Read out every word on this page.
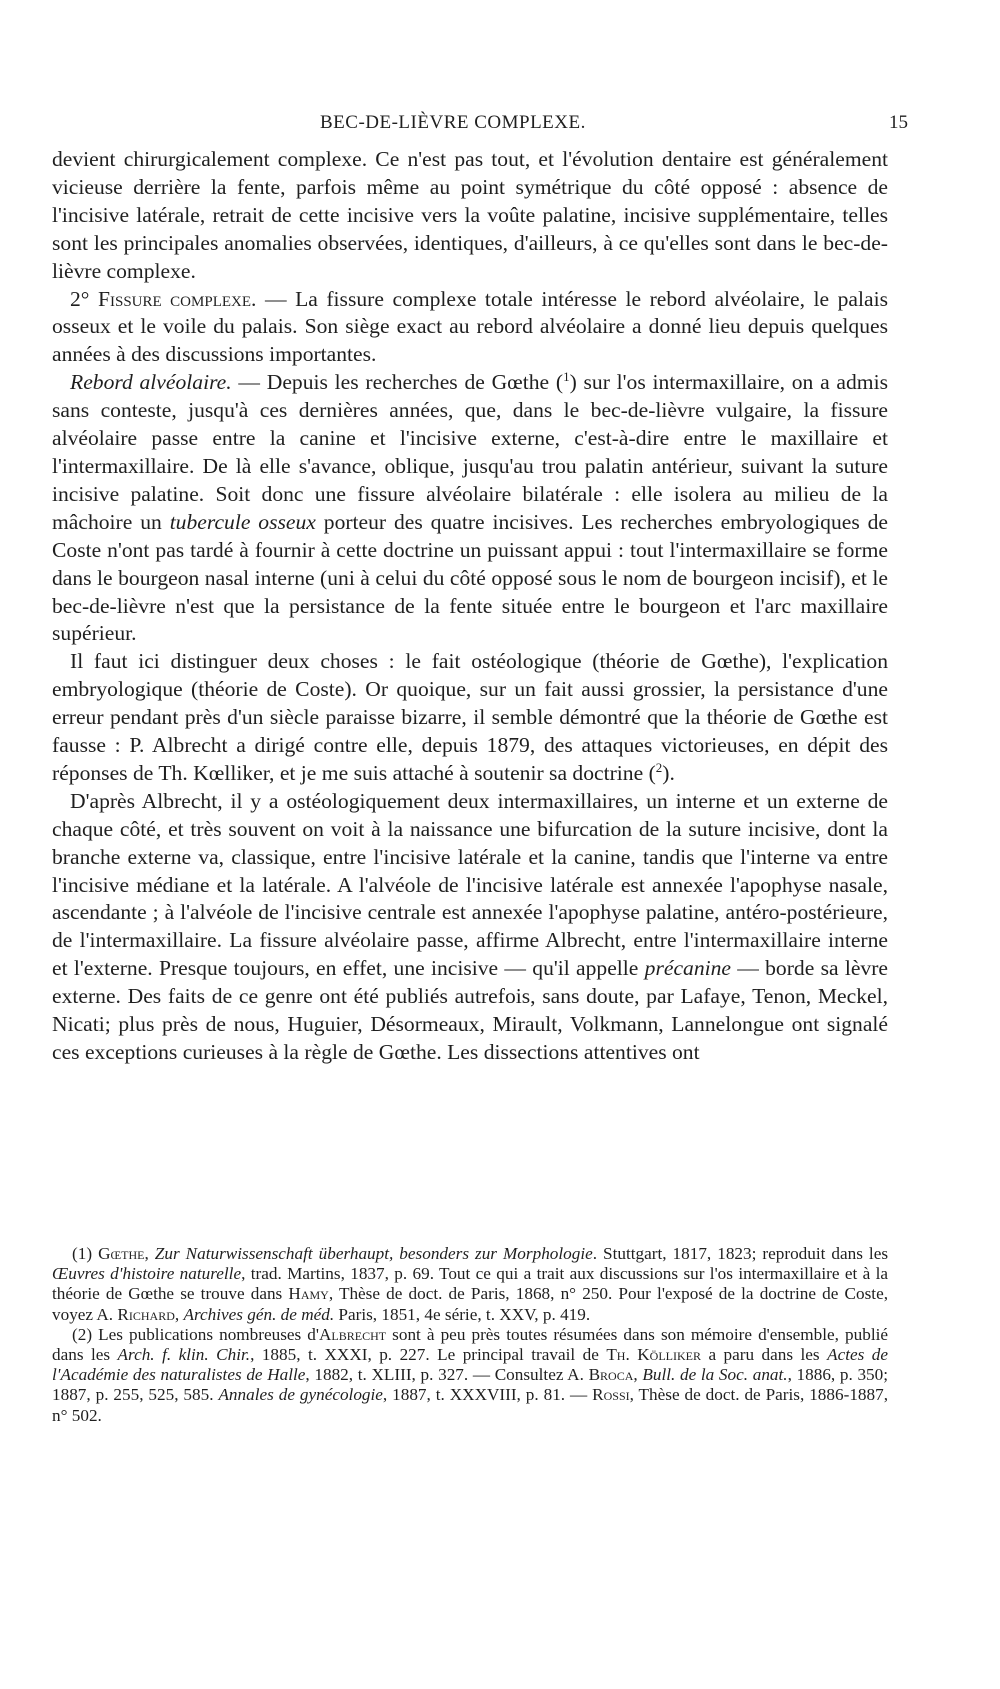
BEC-DE-LIÈVRE COMPLEXE.	15

devient chirurgicalement complexe. Ce n'est pas tout, et l'évolution dentaire est généralement vicieuse derrière la fente, parfois même au point symétrique du côté opposé : absence de l'incisive latérale, retrait de cette incisive vers la voûte palatine, incisive supplémentaire, telles sont les principales anomalies observées, identiques, d'ailleurs, à ce qu'elles sont dans le bec-de-lièvre complexe.

2° Fissure complexe. — La fissure complexe totale intéresse le rebord alvéolaire, le palais osseux et le voile du palais. Son siège exact au rebord alvéolaire a donné lieu depuis quelques années à des discussions importantes.

Rebord alvéolaire. — Depuis les recherches de Gœthe ($^1$) sur l'os intermaxillaire, on a admis sans conteste, jusqu'à ces dernières années, que, dans le bec-de-lièvre vulgaire, la fissure alvéolaire passe entre la canine et l'incisive externe, c'est-à-dire entre le maxillaire et l'intermaxillaire. De là elle s'avance, oblique, jusqu'au trou palatin antérieur, suivant la suture incisive palatine. Soit donc une fissure alvéolaire bilatérale : elle isolera au milieu de la mâchoire un tubercule osseux porteur des quatre incisives. Les recherches embryologiques de Coste n'ont pas tardé à fournir à cette doctrine un puissant appui : tout l'intermaxillaire se forme dans le bourgeon nasal interne (uni à celui du côté opposé sous le nom de bourgeon incisif), et le bec-de-lièvre n'est que la persistance de la fente située entre le bourgeon et l'arc maxillaire supérieur.

Il faut ici distinguer deux choses : le fait ostéologique (théorie de Gœthe), l'explication embryologique (théorie de Coste). Or quoique, sur un fait aussi grossier, la persistance d'une erreur pendant près d'un siècle paraisse bizarre, il semble démontré que la théorie de Gœthe est fausse : P. Albrecht a dirigé contre elle, depuis 1879, des attaques victorieuses, en dépit des réponses de Th. Kœlliker, et je me suis attaché à soutenir sa doctrine ($^2$).

D'après Albrecht, il y a ostéologiquement deux intermaxillaires, un interne et un externe de chaque côté, et très souvent on voit à la naissance une bifurcation de la suture incisive, dont la branche externe va, classique, entre l'incisive latérale et la canine, tandis que l'interne va entre l'incisive médiane et la latérale. A l'alvéole de l'incisive latérale est annexée l'apophyse nasale, ascendante ; à l'alvéole de l'incisive centrale est annexée l'apophyse palatine, antéro-postérieure, de l'intermaxillaire. La fissure alvéolaire passe, affirme Albrecht, entre l'intermaxillaire interne et l'externe. Presque toujours, en effet, une incisive — qu'il appelle précanine — borde sa lèvre externe. Des faits de ce genre ont été publiés autrefois, sans doute, par Lafaye, Tenon, Meckel, Nicati; plus près de nous, Huguier, Désormeaux, Mirault, Volkmann, Lannelongue ont signalé ces exceptions curieuses à la règle de Gœthe. Les dissections attentives ont

(1) Gœthe, Zur Naturwissenschaft überhaupt, besonders zur Morphologie. Stuttgart, 1817, 1823; reproduit dans les Œuvres d'histoire naturelle, trad. Martins, 1837, p. 69. Tout ce qui a trait aux discussions sur l'os intermaxillaire et à la théorie de Gœthe se trouve dans Hamy, Thèse de doct. de Paris, 1868, n° 250. Pour l'exposé de la doctrine de Coste, voyez A. Richard, Archives gén. de méd. Paris, 1851, 4e série, t. XXV, p. 419.

(2) Les publications nombreuses d'Albrecht sont à peu près toutes résumées dans son mémoire d'ensemble, publié dans les Arch. f. klin. Chir., 1885, t. XXXI, p. 227. Le principal travail de Th. Kölliker a paru dans les Actes de l'Académie des naturalistes de Halle, 1882, t. XLIII, p. 327. — Consultez A. Broca, Bull. de la Soc. anat., 1886, p. 350; 1887, p. 255, 525, 585. Annales de gynécologie, 1887, t. XXXVIII, p. 81. — Rossi, Thèse de doct. de Paris, 1886-1887, n° 502.
